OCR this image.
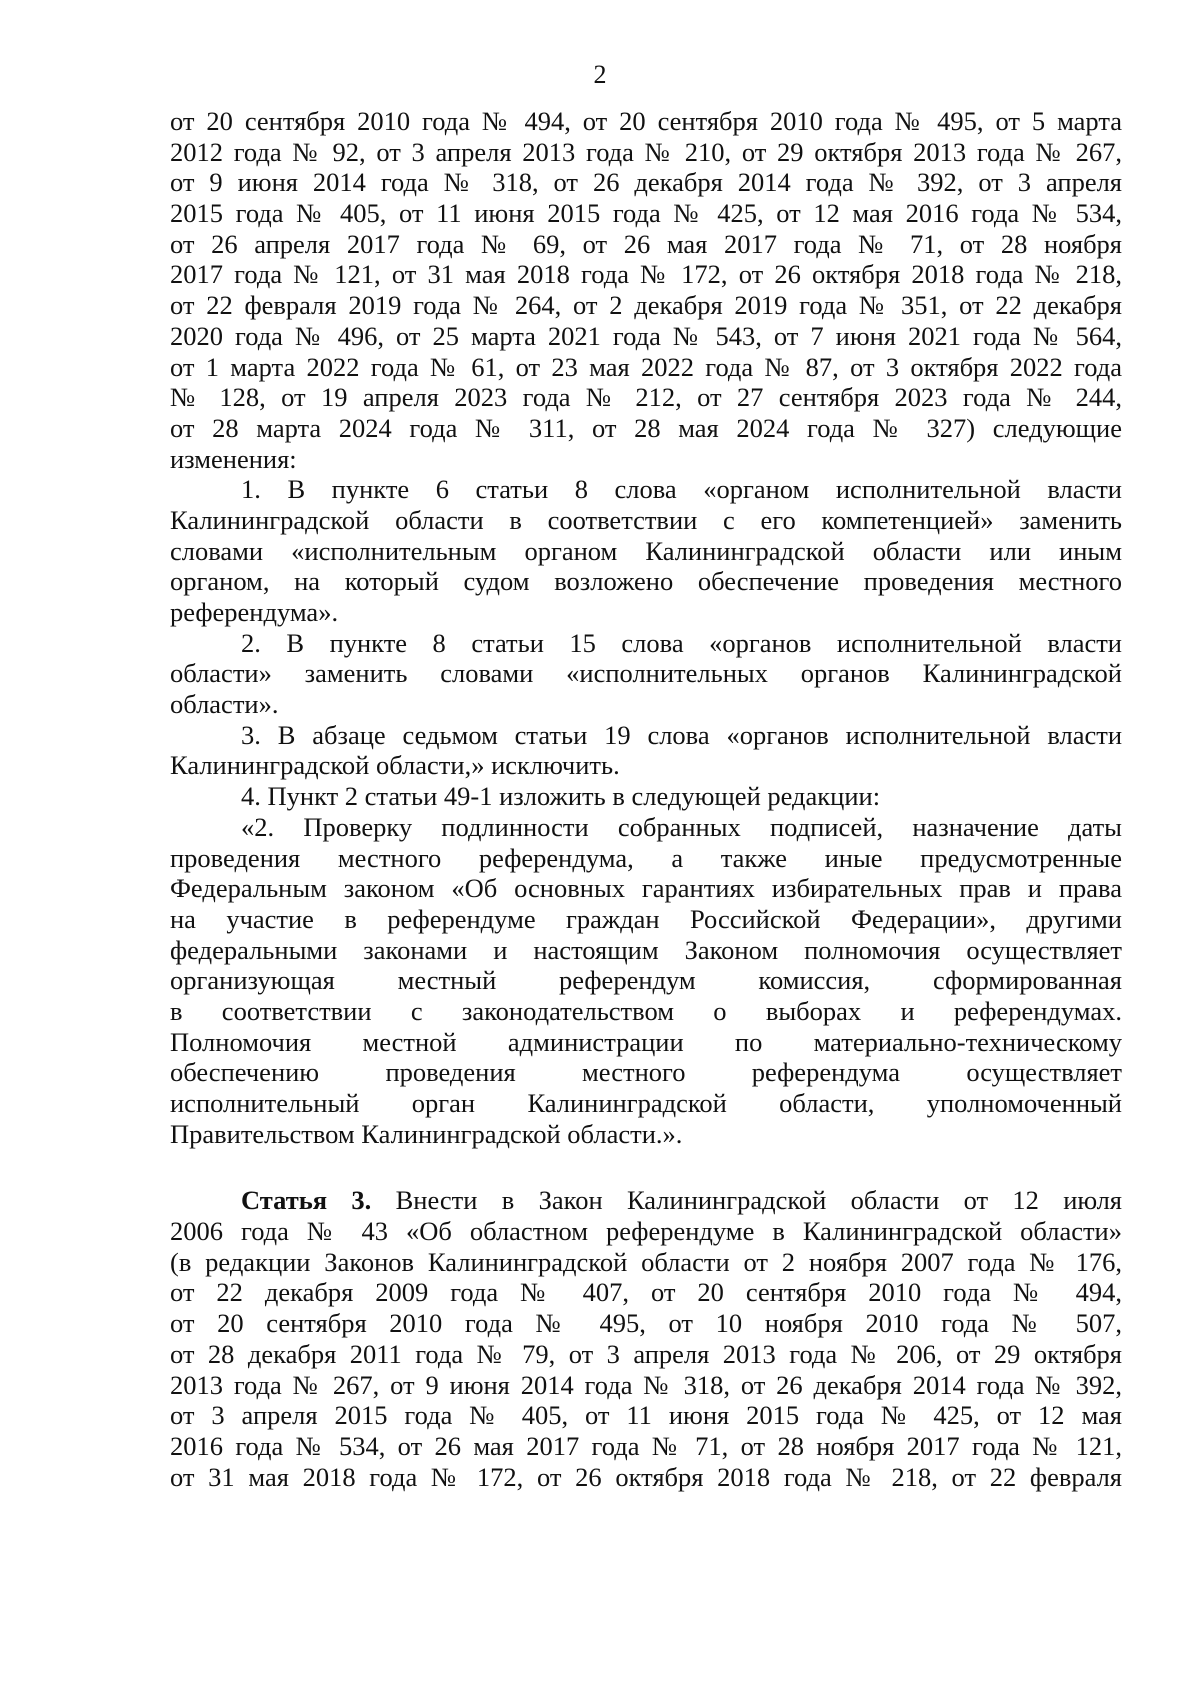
2
от 20 сентября 2010 года № 494, от 20 сентября 2010 года № 495, от 5 марта
2012 года № 92, от 3 апреля 2013 года № 210, от 29 октября 2013 года № 267,
от 9 июня 2014 года № 318, от 26 декабря 2014 года № 392, от 3 апреля
2015 года № 405, от 11 июня 2015 года № 425, от 12 мая 2016 года № 534,
от 26 апреля 2017 года № 69, от 26 мая 2017 года № 71, от 28 ноября
2017 года № 121, от 31 мая 2018 года № 172, от 26 октября 2018 года № 218,
от 22 февраля 2019 года № 264, от 2 декабря 2019 года № 351, от 22 декабря
2020 года № 496, от 25 марта 2021 года № 543, от 7 июня 2021 года № 564,
от 1 марта 2022 года № 61, от 23 мая 2022 года № 87, от 3 октября 2022 года
№ 128, от 19 апреля 2023 года № 212, от 27 сентября 2023 года № 244,
от 28 марта 2024 года № 311, от 28 мая 2024 года № 327) следующие
изменения:
1. В пункте 6 статьи 8 слова «органом исполнительной власти
Калининградской области в соответствии с его компетенцией» заменить
словами «исполнительным органом Калининградской области или иным
органом, на который судом возложено обеспечение проведения местного
референдума».
2. В пункте 8 статьи 15 слова «органов исполнительной власти
области» заменить словами «исполнительных органов Калининградской
области».
3. В абзаце седьмом статьи 19 слова «органов исполнительной власти
Калининградской области,» исключить.
4. Пункт 2 статьи 49-1 изложить в следующей редакции:
«2. Проверку подлинности собранных подписей, назначение даты
проведения местного референдума, а также иные предусмотренные
Федеральным законом «Об основных гарантиях избирательных прав и права
на участие в референдуме граждан Российской Федерации», другими
федеральными законами и настоящим Законом полномочия осуществляет
организующая местный референдум комиссия, сформированная
в соответствии с законодательством о выборах и референдумах.
Полномочия местной администрации по материально-техническому
обеспечению проведения местного референдума осуществляет
исполнительный орган Калининградской области, уполномоченный
Правительством Калининградской области.».
Статья 3. Внести в Закон Калининградской области от 12 июля
2006 года № 43 «Об областном референдуме в Калининградской области»
(в редакции Законов Калининградской области от 2 ноября 2007 года № 176,
от 22 декабря 2009 года № 407, от 20 сентября 2010 года № 494,
от 20 сентября 2010 года № 495, от 10 ноября 2010 года № 507,
от 28 декабря 2011 года № 79, от 3 апреля 2013 года № 206, от 29 октября
2013 года № 267, от 9 июня 2014 года № 318, от 26 декабря 2014 года № 392,
от 3 апреля 2015 года № 405, от 11 июня 2015 года № 425, от 12 мая
2016 года № 534, от 26 мая 2017 года № 71, от 28 ноября 2017 года № 121,
от 31 мая 2018 года № 172, от 26 октября 2018 года № 218, от 22 февраля
